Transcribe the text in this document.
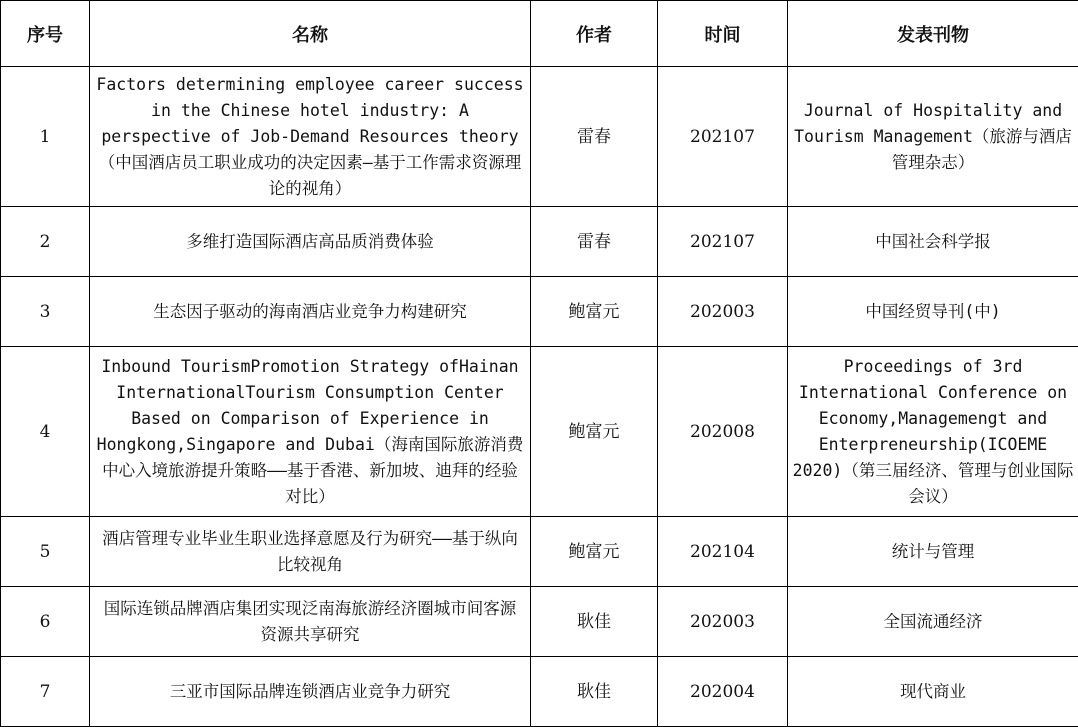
序号	名称	作者	时间	发表刊物
1	Factors determining employee career success in the Chinese hotel industry: A perspective of Job-Demand Resources theory（中国酒店员工职业成功的决定因素—基于工作需求资源理论的视角）	雷春	202107	Journal of Hospitality and Tourism Management（旅游与酒店管理杂志）
2	多维打造国际酒店高品质消费体验	雷春	202107	中国社会科学报
3	生态因子驱动的海南酒店业竞争力构建研究	鲍富元	202003	中国经贸导刊(中)
4	Inbound TourismPromotion Strategy ofHainan InternationalTourism Consumption Center Based on Comparison of Experience in Hongkong,Singapore and Dubai（海南国际旅游消费中心入境旅游提升策略——基于香港、新加坡、迪拜的经验对比）	鲍富元	202008	Proceedings of 3rd International Conference on Economy,Managemengt and Enterpreneurship(ICOEME 2020)（第三届经济、管理与创业国际会议）
5	酒店管理专业毕业生职业选择意愿及行为研究——基于纵向比较视角	鲍富元	202104	统计与管理
6	国际连锁品牌酒店集团实现泛南海旅游经济圈城市间客源资源共享研究	耿佳	202003	全国流通经济
7	三亚市国际品牌连锁酒店业竞争力研究	耿佳	202004	现代商业
